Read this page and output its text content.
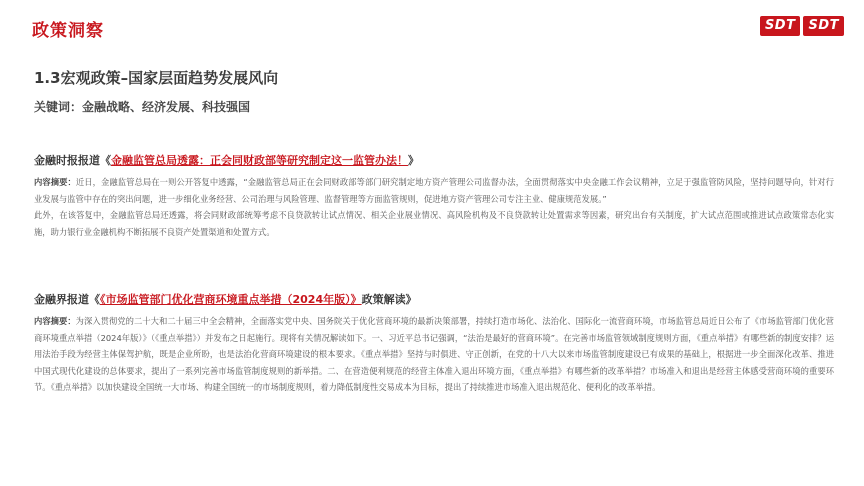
政策洞察	SDT	SDT
1.3宏观政策–国家层面趋势发展风向
关键词：金融战略、经济发展、科技强国
金融时报报道《金融监管总局透露：正会同财政部等研究制定这一监管办法！》

内容摘要：近日，金融监管总局在一则公开答复中透露，“金融监管总局正在会同财政部等部门研究制定地方资产管理公司监督办法，全面贯彻落实中央金融工作会议精神，立足于强监管防风险，坚持问题导向，针对行业发展与监管中存在的突出问题，进一步细化业务经营、公司治理与风险管理、监督管理等方面监管规则，促进地方资产管理公司专注主业、健康规范发展。”

此外，在该答复中，金融监管总局还透露，将会同财政部统筹考虑不良贷款转让试点情况、相关企业展业情况、高风险机构及不良贷款转让处置需求等因素，研究出台有关制度，扩大试点范围或推进试点政策常态化实施，助力银行业金融机构不断拓展不良资产处置渠道和处置方式。

金融界报道《《市场监管部门优化营商环境重点举措（2024年版）》政策解读》

内容摘要：为深入贯彻党的二十大和二十届三中全会精神，全面落实党中央、国务院关于优化营商环境的最新决策部署，持续打造市场化、法治化、国际化一流营商环境，市场监管总局近日公布了《市场监管部门优化营商环境重点举措（2024年版）》（《重点举措》）并发布之日起施行。现将有关情况解读如下。一、习近平总书记强调，“法治是最好的营商环境”。在完善市场监管领域制度规则方面，《重点举措》有哪些新的制度安排？运用法治手段为经营主体保驾护航，既是企业所盼，也是法治化营商环境建设的根本要求。《重点举措》坚持与时俱进、守正创新，在党的十八大以来市场监管制度建设已有成果的基础上，根据进一步全面深化改革、推进中国式现代化建设的总体要求，提出了一系列完善市场监管制度规则的新举措。二、在营造便利规范的经营主体准入退出环境方面，《重点举措》有哪些新的改革举措？市场准入和退出是经营主体感受营商环境的重要环节。《重点举措》以加快建设全国统一大市场、构建全国统一的市场制度规则，着力降低制度性交易成本为目标，提出了持续推进市场准入退出规范化、便利化的改革举措。
